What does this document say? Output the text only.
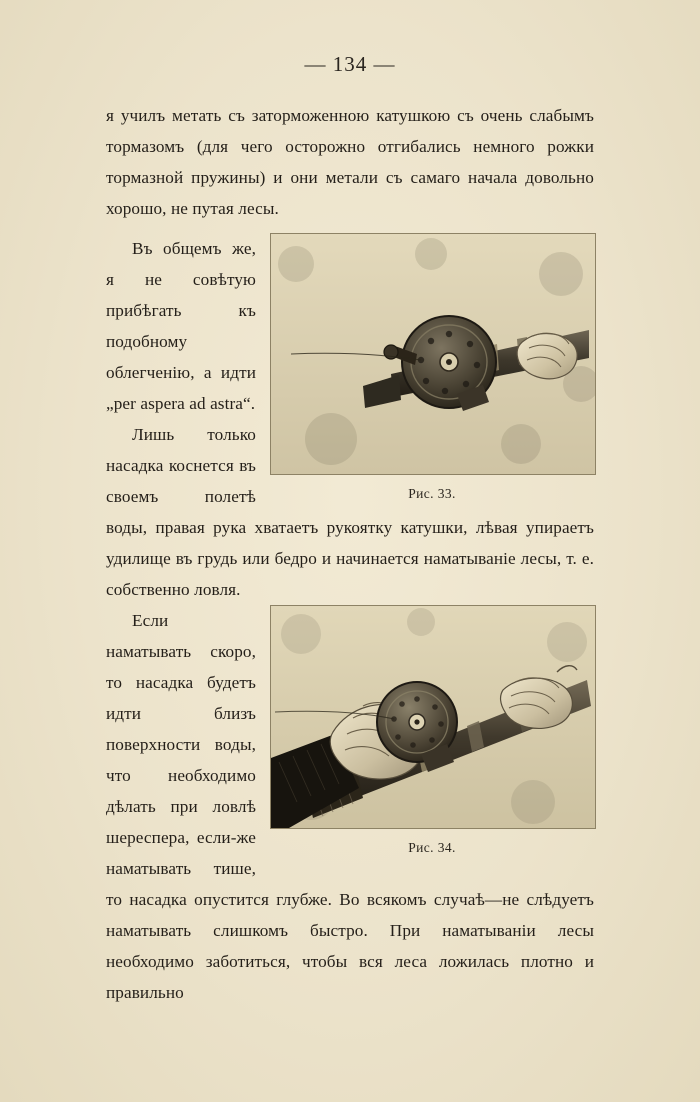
— 134 —

я училъ метать съ заторможенною катушкою съ очень слабымъ тормазомъ (для чего осторожно отгибались немного рожки тормазной пружины) и они метали съ самаго начала довольно хорошо, не путая лесы.

Рис. 33.

Въ общемъ же, я не совѣтую прибѣгать къ подобному облегченію, а идти „per aspera ad astra“.

Лишь только насадка коснется въ своемъ полетѣ воды, правая рука хватаетъ рукоятку катушки, лѣвая упираетъ удилище въ грудь или бедро и начинается наматываніе лесы, т. е. собственно ловля.

Рис. 34.

Если наматывать скоро, то насадка будетъ идти близъ поверхности воды, что необходимо дѣлать при ловлѣ шереспера, если-же наматывать тише, то насадка опустится глубже. Во всякомъ случаѣ—не слѣдуетъ наматывать слишкомъ быстро. При наматываніи лесы необходимо заботиться, чтобы вся леса ложилась плотно и правильно
